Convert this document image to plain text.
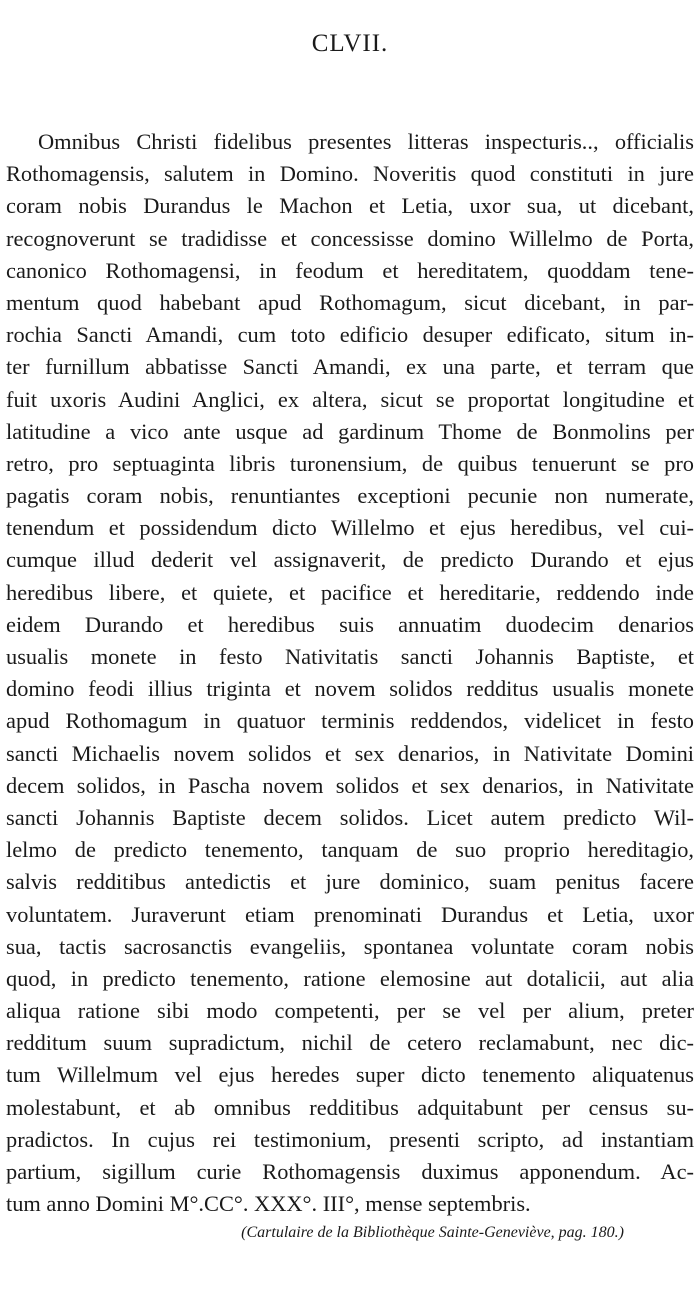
CLVII.
Omnibus Christi fidelibus presentes litteras inspecturis.., officialis
Rothomagensis, salutem in Domino. Noveritis quod constituti in jure
coram nobis Durandus le Machon et Letia, uxor sua, ut dicebant,
recognoverunt se tradidisse et concessisse domino Willelmo de Porta,
canonico Rothomagensi, in feodum et hereditatem, quoddam tene-
mentum quod habebant apud Rothomagum, sicut dicebant, in par-
rochia Sancti Amandi, cum toto edificio desuper edificato, situm in-
ter furnillum abbatisse Sancti Amandi, ex una parte, et terram que
fuit uxoris Audini Anglici, ex altera, sicut se proportat longitudine et
latitudine a vico ante usque ad gardinum Thome de Bonmolins per
retro, pro septuaginta libris turonensium, de quibus tenuerunt se pro
pagatis coram nobis, renuntiantes exceptioni pecunie non numerate,
tenendum et possidendum dicto Willelmo et ejus heredibus, vel cui-
cumque illud dederit vel assignaverit, de predicto Durando et ejus
heredibus libere, et quiete, et pacifice et hereditarie, reddendo inde
eidem Durando et heredibus suis annuatim duodecim denarios
usualis monete in festo Nativitatis sancti Johannis Baptiste, et
domino feodi illius triginta et novem solidos redditus usualis monete
apud Rothomagum in quatuor terminis reddendos, videlicet in festo
sancti Michaelis novem solidos et sex denarios, in Nativitate Domini
decem solidos, in Pascha novem solidos et sex denarios, in Nativitate
sancti Johannis Baptiste decem solidos. Licet autem predicto Wil-
lelmo de predicto tenemento, tanquam de suo proprio hereditagio,
salvis redditibus antedictis et jure dominico, suam penitus facere
voluntatem. Juraverunt etiam prenominati Durandus et Letia, uxor
sua, tactis sacrosanctis evangeliis, spontanea voluntate coram nobis
quod, in predicto tenemento, ratione elemosine aut dotalicii, aut alia
aliqua ratione sibi modo competenti, per se vel per alium, preter
redditum suum supradictum, nichil de cetero reclamabunt, nec dic-
tum Willelmum vel ejus heredes super dicto tenemento aliquatenus
molestabunt, et ab omnibus redditibus adquitabunt per census su-
pradictos. In cujus rei testimonium, presenti scripto, ad instantiam
partium, sigillum curie Rothomagensis duximus apponendum. Ac-
tum anno Domini M°.CC°. XXX°. III°, mense septembris.
(Cartulaire de la Bibliothèque Sainte-Geneviève, pag. 180.)
